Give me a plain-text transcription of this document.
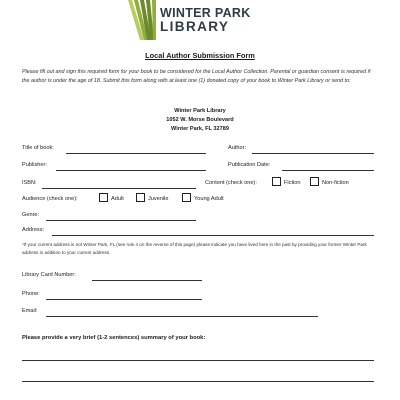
WINTER PARK
LIBRARY
Local Author Submission Form
Please fill out and sign this required form for your book to be considered for the Local Author Collection. Parental or guardian consent is required if the author is under the age of 18. Submit this form along with at least one (1) donated copy of your book to Winter Park Library or send to:
Winter Park Library
1052 W. Morse Boulevard
Winter Park, FL 32789
Title of book:	Author:
Publisher:	Publication Date:
ISBN:	Content (check one):	Fiction	Non-fiction
Audience (check one):	Adult	Juvenile	Young Adult
Genre:
Address:
*If your current address is not Winter Park, FL (see rule 4 on the reverse of this page) please indicate you have lived here in the past by providing your former Winter Park address in addition to your current address.
Library Card Number:
Phone:
Email:
Please provide a very brief (1-2 sentences) summary of your book:
